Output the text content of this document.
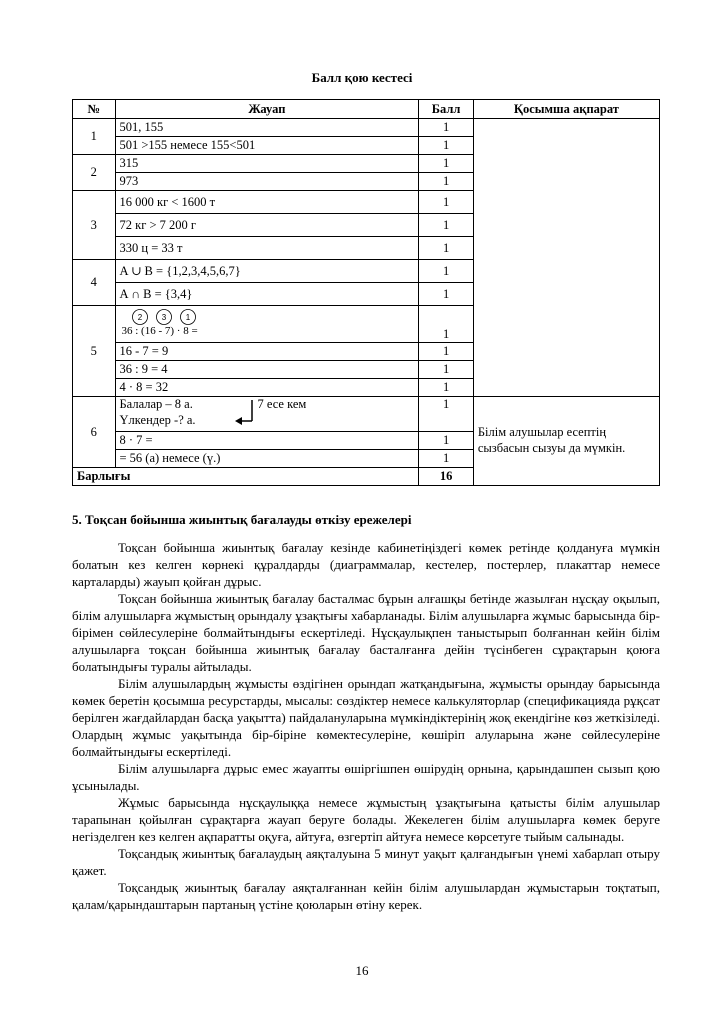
Балл қою кестесі
№	Жауап	Балл	Қосымша ақпарат
1	501, 155	1	
	501 >155 немесе 155<501	1	
2	315	1	
	973	1	
3	16 000 кг < 1600 т	1	
	72 кг > 7 200 г	1	
	330 ц = 33 т	1	
4	A ∪ B = {1,2,3,4,5,6,7}	1	
	A ∩ B = {3,4}	1	
5	2 3 1
36 : (16 - 7) · 8 =	1	
	16 - 7 = 9	1	
	36 : 9 = 4	1	
	4 · 8 = 32	1	
6	Балалар – 8 а.
Үлкендер -? а.
7 есе кем	1	Білім алушылар есептің сызбасын сызуы да мүмкін.
	8 · 7 =	1	
	= 56 (а) немесе (ү.)	1	
Барлығы		16	
5. Тоқсан бойынша жиынтық бағалауды өткізу ережелері

Тоқсан бойынша жиынтық бағалау кезінде кабинетіңіздегі көмек ретінде қолдануға мүмкін болатын кез келген көрнекі құралдарды (диаграммалар, кестелер, постерлер, плакаттар немесе карталарды) жауып қойған дұрыс.

Тоқсан бойынша жиынтық бағалау басталмас бұрын алғашқы бетінде жазылған нұсқау оқылып, білім алушыларға жұмыстың орындалу ұзақтығы хабарланады. Білім алушыларға жұмыс барысында бір-бірімен сөйлесулеріне болмайтындығы ескертіледі. Нұсқаулықпен таныстырып болғаннан кейін білім алушыларға тоқсан бойынша жиынтық бағалау басталғанға дейін түсінбеген сұрақтарын қоюға болатындығы туралы айтылады.

Білім алушылардың жұмысты өздігінен орындап жатқандығына, жұмысты орындау барысында көмек беретін қосымша ресурстарды, мысалы: сөздіктер немесе калькуляторлар (спецификацияда рұқсат берілген жағдайлардан басқа уақытта) пайдалануларына мүмкіндіктерінің жоқ екендігіне көз жеткізіледі. Олардың жұмыс уақытында бір-біріне көмектесулеріне, көшіріп алуларына және сөйлесулеріне болмайтындығы ескертіледі.

Білім алушыларға дұрыс емес жауапты өшіргішпен өшірудің орнына, қарындашпен сызып қою ұсынылады.

Жұмыс барысында нұсқаулыққа немесе жұмыстың ұзақтығына қатысты білім алушылар тарапынан қойылған сұрақтарға жауап беруге болады. Жекелеген білім алушыларға көмек беруге негізделген кез келген ақпаратты оқуға, айтуға, өзгертіп айтуға немесе көрсетуге тыйым салынады.

Тоқсандық жиынтық бағалаудың аяқталуына 5 минут уақыт қалғандығын үнемі хабарлап отыру қажет.

Тоқсандық жиынтық бағалау аяқталғаннан кейін білім алушылардан жұмыстарын тоқтатып, қалам/қарындаштарын партаның үстіне қоюларын өтіну керек.

16
